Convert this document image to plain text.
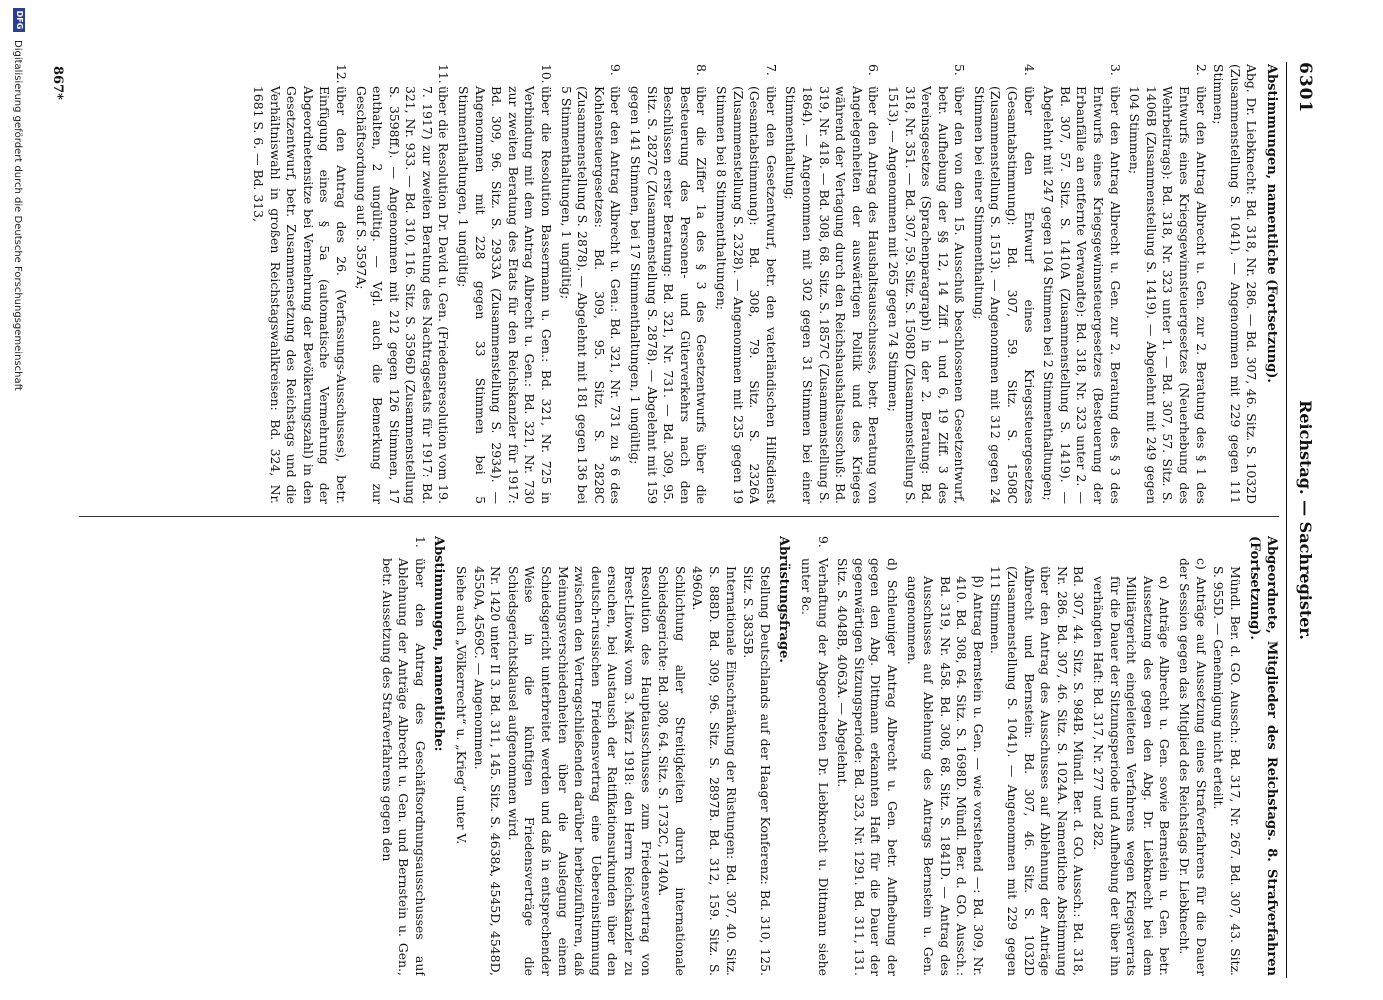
6301
Reichstag. — Sachregister.
Abstimmungen, namentliche (Fortsetzung).
Abg. Dr. Liebknecht: Bd. 318, Nr. 286. — Bd. 307, 46. Sitz. S. 1032D (Zusammenstellung S. 1041). — Angenommen mit 229 gegen 111 Stimmen;
2.
über den Antrag Albrecht u. Gen. zur 2. Beratung des § 1 des Entwurfs eines Kriegsgewinnsteuergesetzes (Neuerhebung des Wehrbeitrags): Bd. 318, Nr. 323 unter 1. — Bd. 307, 57. Sitz. S. 1406B (Zusammenstellung S. 1419). — Abgelehnt mit 249 gegen 104 Stimmen;
3.
über den Antrag Albrecht u. Gen. zur 2. Beratung des § 3 des Entwurfs eines Kriegsgewinnsteuergesetzes (Besteuerung der Erbanfälle an entfernte Verwandte): Bd. 318, Nr. 323 unter 2. — Bd. 307, 57. Sitz. S. 1410A (Zusammenstellung S. 1419). — Abgelehnt mit 247 gegen 104 Stimmen bei 2 Stimmenthaltungen;
4.
über den Entwurf eines Kriegssteuergesetzes (Gesamtabstimmung): Bd. 307, 59. Sitz. S. 1508C (Zusammenstellung S. 1513). — Angenommen mit 312 gegen 24 Stimmen bei einer Stimmenthaltung;
5.
über den von dem 15. Ausschuß beschlossenen Gesetzentwurf, betr. Aufhebung der §§ 12, 14 Ziff. 1 und 6, 19 Ziff. 3 des Vereinsgesetzes (Sprachenparagraph) in der 2. Beratung: Bd. 318, Nr. 351. — Bd. 307, 59. Sitz. S. 1508D (Zusammenstellung S. 1513). — Angenommen mit 265 gegen 74 Stimmen;
6.
über den Antrag des Haushaltsausschusses, betr. Beratung von Angelegenheiten der auswärtigen Politik und des Krieges während der Vertagung durch den Reichshaushaltsausschuß: Bd. 319, Nr. 418. — Bd. 308, 68. Sitz. S. 1857C (Zusammenstellung S. 1864). — Angenommen mit 302 gegen 31 Stimmen bei einer Stimmenthaltung;
7.
über den Gesetzentwurf, betr. den vaterländischen Hilfsdienst (Gesamtabstimmung): Bd. 308, 79. Sitz. S. 2326A (Zusammenstellung S. 2328). — Angenommen mit 235 gegen 19 Stimmen bei 8 Stimmenthaltungen;
8.
über die Ziffer 1a des § 3 des Gesetzentwurfs über die Besteuerung des Personen- und Güterverkehrs nach den Beschlüssen erster Beratung: Bd. 321, Nr. 731. — Bd. 309, 95. Sitz. S. 2827C (Zusammenstellung S. 2878). — Abgelehnt mit 159 gegen 141 Stimmen, bei 17 Stimmenthaltungen, 1 ungültig;
9.
über den Antrag Albrecht u. Gen.: Bd. 321, Nr. 731 zu § 6 des Kohlensteuergesetzes: Bd. 309, 95. Sitz. S. 2828C (Zusammenstellung S. 2878). — Abgelehnt mit 181 gegen 136 bei 5 Stimmenthaltungen, 1 ungültig;
10.
über die Resolution Bassermann u. Gen.: Bd. 321, Nr. 725 in Verbindung mit dem Antrag Albrecht u. Gen.: Bd. 321, Nr. 730 zur zweiten Beratung des Etats für den Reichskanzler für 1917: Bd. 309, 96. Sitz. S. 2933A (Zusammenstellung S. 2934). — Angenommen mit 228 gegen 33 Stimmen bei 5 Stimmenthaltungen, 1 ungültig;
11.
über die Resolution Dr. David u. Gen. (Friedensresolution vom 19. 7. 1917) zur zweiten Beratung des Nachtragsetats für 1917: Bd. 321, Nr. 933. — Bd. 310, 116. Sitz. S. 3596D (Zusammenstellung S. 3598ff.). — Angenommen mit 212 gegen 126 Stimmen, 17 enthalten, 2 ungültig. — Vgl. auch die Bemerkung zur Geschäftsordnung auf S. 3597A;
12.
über den Antrag des 26. (Verfassungs-Ausschusses), betr. Einfügung eines § 5a (automatische Vermehrung der Abgeordnetensitze bei Vermehrung der Bevölkerungszahl) in den Gesetzentwurf, betr. Zusammensetzung des Reichstags und die Verhältniswahl in großen Reichstagswahlkreisen: Bd. 324, Nr. 1681 S. 6. — Bd. 313,
Abgeordnete, Mitglieder des Reichstags. 8. Strafverfahren (Fortsetzung).
Mündl. Ber. d. GO. Aussch.: Bd. 317, Nr. 267. Bd. 307, 43. Sitz. S. 955D. — Genehmigung nicht erteilt.
c) Anträge auf Aussetzung eines Strafverfahrens für die Dauer der Session gegen das Mitglied des Reichstags Dr. Liebknecht.
α) Anträge Albrecht u. Gen. sowie Bernstein u. Gen. betr. Aussetzung des gegen den Abg. Dr. Liebknecht bei dem Militärgericht eingeleiteten Verfahrens wegen Kriegsverrats für die Dauer der Sitzungsperiode und Aufhebung der über ihn verhängten Haft: Bd. 317, Nr. 277 und 282.
Bd. 307, 44. Sitz. S. 984B. Mündl. Ber. d. GO. Aussch.: Bd. 318, Nr. 286. Bd. 307, 46. Sitz. S. 1024A. Namentliche Abstimmung über den Antrag des Ausschusses auf Ablehnung der Anträge Albrecht und Bernstein: Bd. 307, 46. Sitz. S. 1032D (Zusammenstellung S. 1041). — Angenommen mit 229 gegen 111 Stimmen.
β) Antrag Bernstein u. Gen. — wie vorstehend —: Bd. 309, Nr. 410. Bd. 308, 64. Sitz. S. 1698D. Mündl. Ber. d. GO. Aussch.: Bd. 319, Nr. 458. Bd. 308, 68. Sitz. S. 1841D. — Antrag des Ausschusses auf Ablehnung des Antrags Bernstein u. Gen. angenommen.
d) Schleuniger Antrag Albrecht u. Gen. betr. Aufhebung der gegen den Abg. Dittmann erkannten Haft für die Dauer der gegenwärtigen Sitzungsperiode: Bd. 323, Nr. 1291. Bd. 311, 131. Sitz. S. 4048B, 4063A. — Abgelehnt.
9.
Verhaftung der Abgeordneten Dr. Liebknecht u. Dittmann siehe unter 8c.
Abrüstungsfrage.
Stellung Deutschlands auf der Haager Konferenz: Bd. 310, 125. Sitz. S. 3835B.
Internationale Einschränkung der Rüstungen: Bd. 307, 40. Sitz. S. 888D. Bd. 309, 96. Sitz. S. 2897B. Bd. 312, 159. Sitz. S. 4960A.
Schlichtung aller Streitigkeiten durch internationale Schiedsgerichte: Bd. 308, 64. Sitz. S. 1732C, 1740A.
Resolution des Hauptausschusses zum Friedensvertrag von Brest-Litowsk vom 3. März 1918: den Herrn Reichskanzler zu ersuchen, bei Austausch der Ratifikationsurkunden über den deutsch-russischen Friedensvertrag eine Uebereinstimmung zwischen den Vertragschließenden darüber herbeizuführen, daß Meinungsverschiedenheiten über die Auslegung einem Schiedsgericht unterbreitet werden und daß in entsprechender Weise in die künftigen Friedensverträge die Schiedsgerichtsklausel aufgenommen wird.
Nr. 1420 unter II 3. Bd. 311, 145. Sitz. S. 4638A, 4545D, 4548D, 4550A, 4569C. — Angenommen.
Siehe auch „Völkerrecht“ u. „Krieg“ unter V.
Abstimmungen, namentliche:
1.
über den Antrag des Geschäftsordnungsausschusses auf Ablehnung der Anträge Albrecht u. Gen. und Bernstein u. Gen., betr. Aussetzung des Strafverfahrens gegen den
867*
DFG
Digitalisierung gefördert durch die Deutsche Forschungsgemeinschaft
